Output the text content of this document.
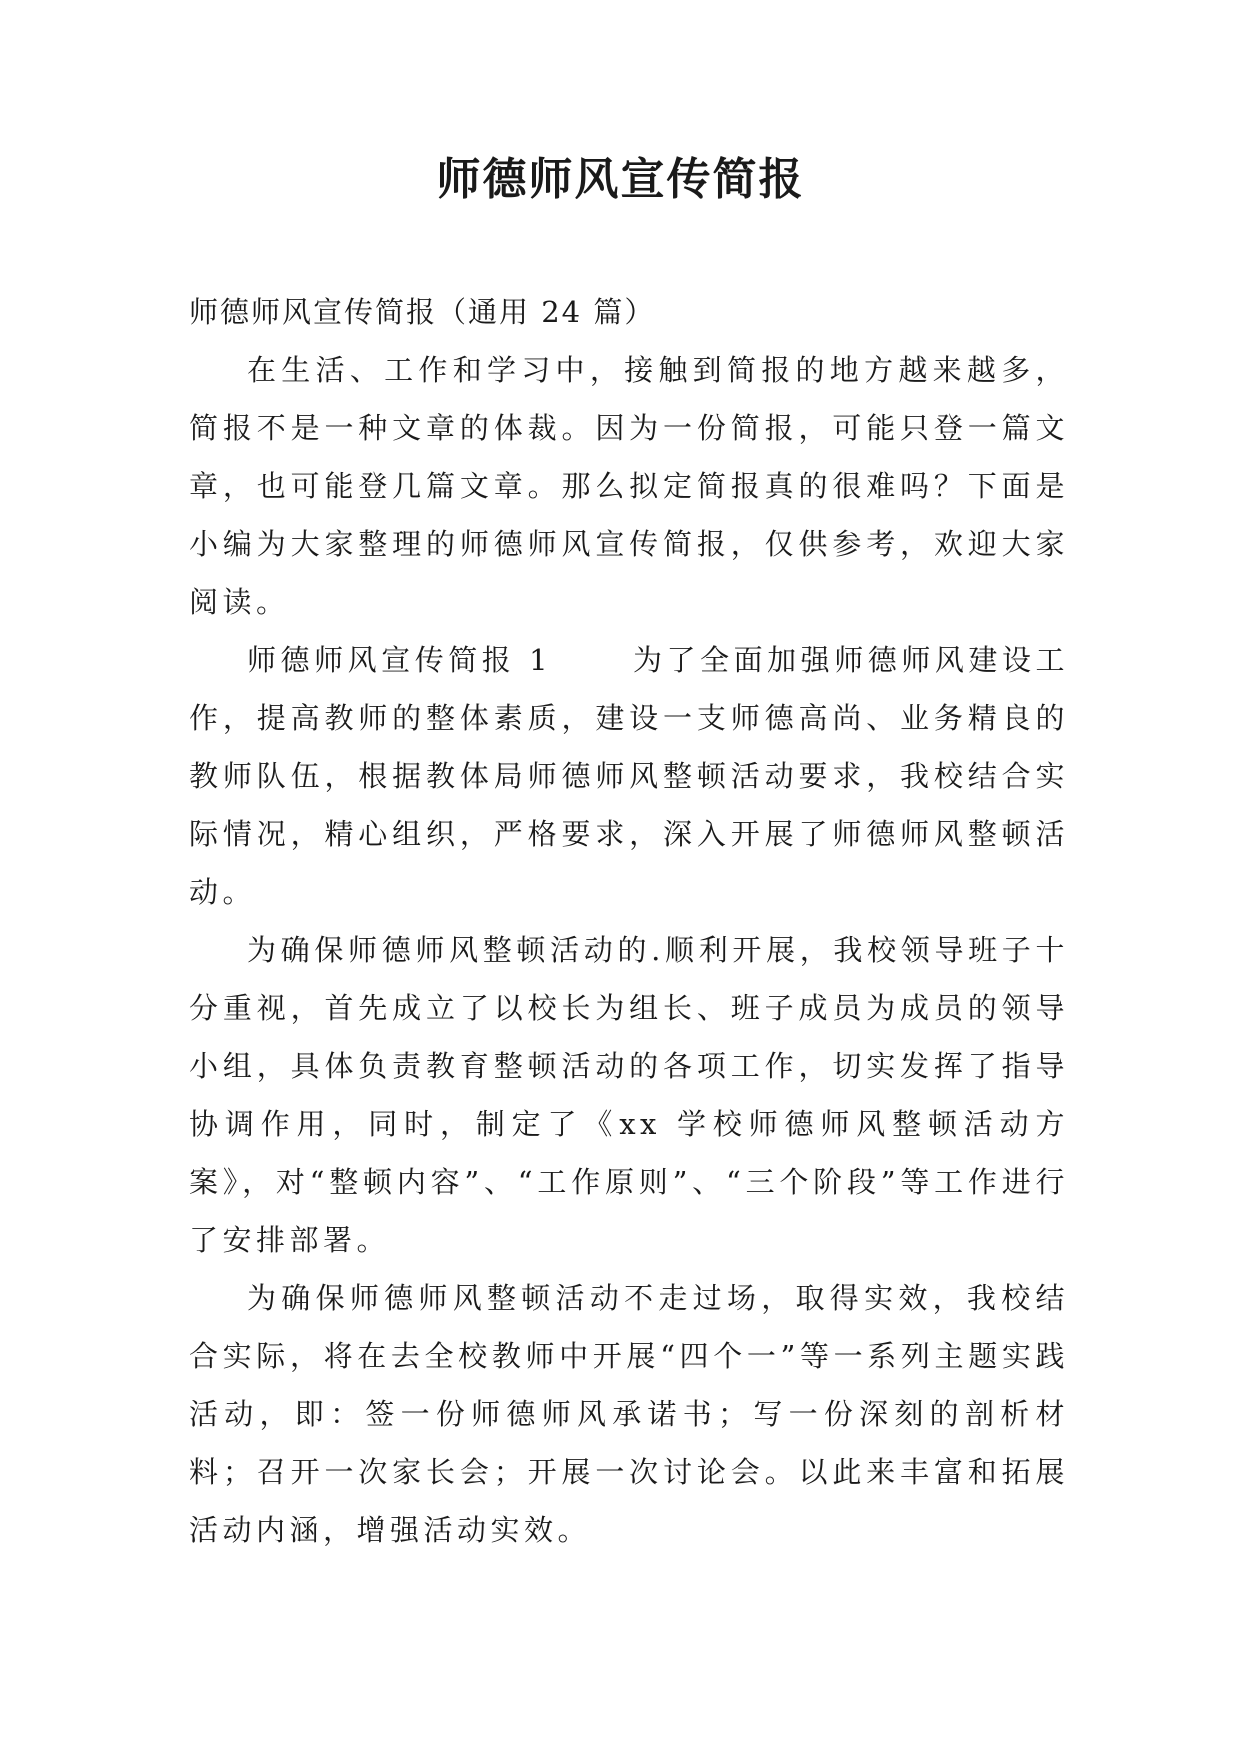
师德师风宣传简报

师德师风宣传简报（通用 24 篇）

在生活、工作和学习中，接触到简报的地方越来越多，简报不是一种文章的体裁。因为一份简报，可能只登一篇文章，也可能登几篇文章。那么拟定简报真的很难吗？下面是小编为大家整理的师德师风宣传简报，仅供参考，欢迎大家阅读。

师德师风宣传简报 1　　 为了全面加强师德师风建设工作，提高教师的整体素质，建设一支师德高尚、业务精良的教师队伍，根据教体局师德师风整顿活动要求，我校结合实际情况，精心组织，严格要求，深入开展了师德师风整顿活动。

为确保师德师风整顿活动的.顺利开展，我校领导班子十分重视，首先成立了以校长为组长、班子成员为成员的领导小组，具体负责教育整顿活动的各项工作，切实发挥了指导协调作用，同时，制定了《xx 学校师德师风整顿活动方案》，对“整顿内容”、“工作原则”、“三个阶段”等工作进行了安排部署。

为确保师德师风整顿活动不走过场，取得实效，我校结合实际，将在去全校教师中开展“四个一”等一系列主题实践活动，即：签一份师德师风承诺书；写一份深刻的剖析材料；召开一次家长会；开展一次讨论会。以此来丰富和拓展活动内涵，增强活动实效。
